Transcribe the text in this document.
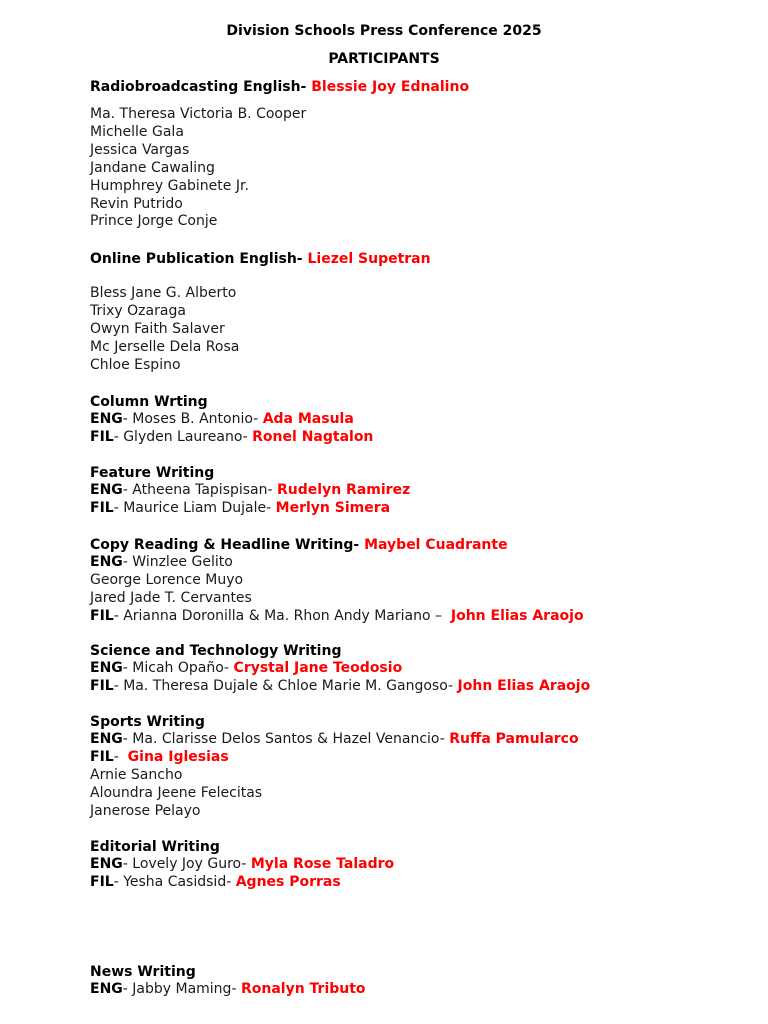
Division Schools Press Conference 2025
PARTICIPANTS
Radiobroadcasting English- Blessie Joy Ednalino
Ma. Theresa Victoria B. Cooper
Michelle Gala
Jessica Vargas
Jandane Cawaling
Humphrey Gabinete Jr.
Revin Putrido
Prince Jorge Conje
Online Publication English- Liezel Supetran
Bless Jane G. Alberto
Trixy Ozaraga
Owyn Faith Salaver
Mc Jerselle Dela Rosa
Chloe Espino
Column Wrting
ENG- Moses B. Antonio- Ada Masula
FIL- Glyden Laureano- Ronel Nagtalon
Feature Writing
ENG- Atheena Tapispisan- Rudelyn Ramirez
FIL- Maurice Liam Dujale- Merlyn Simera
Copy Reading & Headline Writing- Maybel Cuadrante
ENG- Winzlee Gelito
George Lorence Muyo
Jared Jade T. Cervantes
FIL- Arianna Doronilla & Ma. Rhon Andy Mariano – John Elias Araojo
Science and Technology Writing
ENG- Micah Opaño- Crystal Jane Teodosio
FIL- Ma. Theresa Dujale & Chloe Marie M. Gangoso- John Elias Araojo
Sports Writing
ENG- Ma. Clarisse Delos Santos & Hazel Venancio- Ruffa Pamularco
FIL- Gina Iglesias
Arnie Sancho
Aloundra Jeene Felecitas
Janerose Pelayo
Editorial Writing
ENG- Lovely Joy Guro- Myla Rose Taladro
FIL- Yesha Casidsid- Agnes Porras
News Writing
ENG- Jabby Maming- Ronalyn Tributo
